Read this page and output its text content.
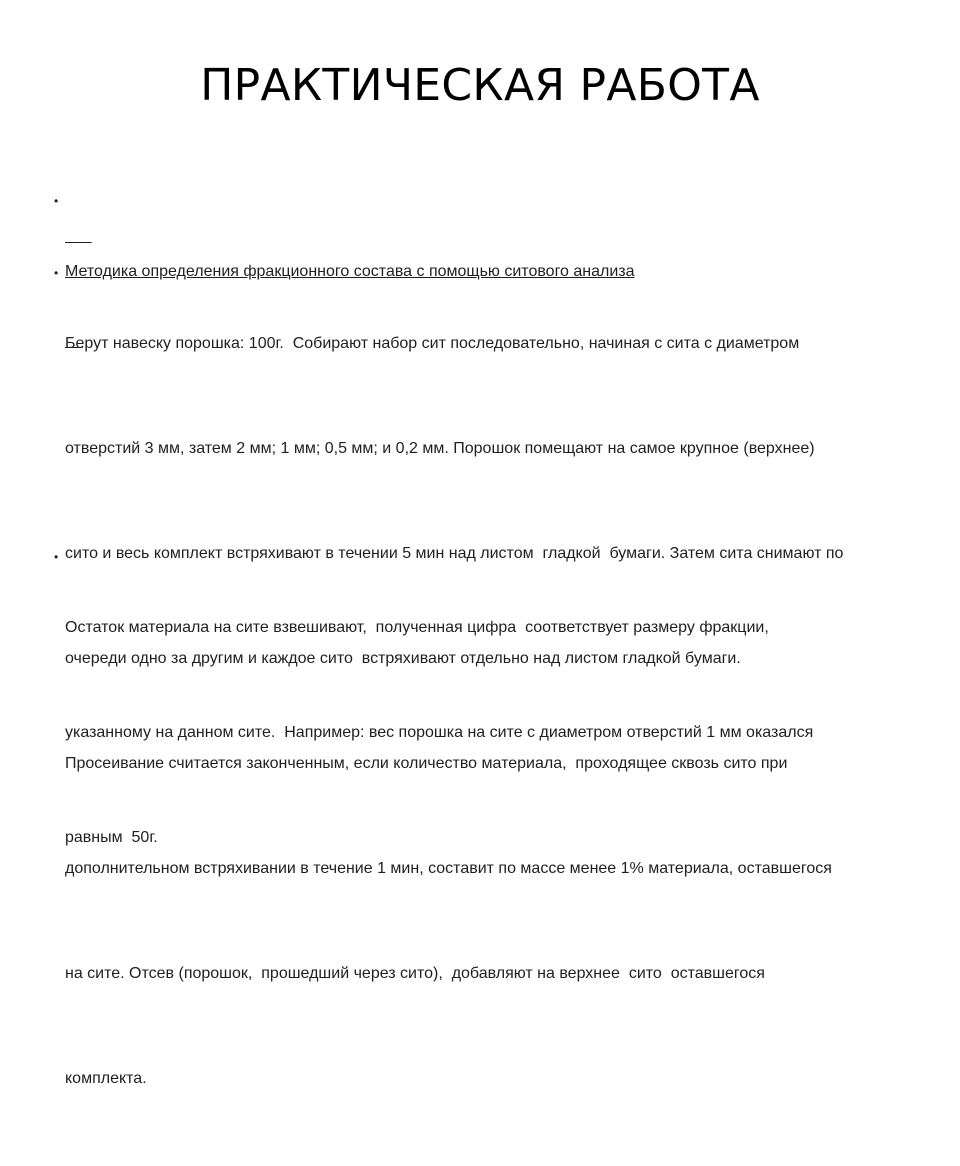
ПРАКТИЧЕСКАЯ РАБОТА
•

Методика определения фракционного состава с помощью ситового анализа

•

Берут навеску порошка: 100г.  Собирают набор сит последовательно, начиная с сита с диаметром

отверстий 3 мм, затем 2 мм; 1 мм; 0,5 мм; и 0,2 мм. Порошок помещают на самое крупное (верхнее)

сито и весь комплект встряхивают в течении 5 мин над листом  гладкой  бумаги. Затем сита снимают по

очереди одно за другим и каждое сито  встряхивают отдельно над листом гладкой бумаги.

Просеивание считается законченным, если количество материала,  проходящее сквозь сито при

дополнительном встряхивании в течение 1 мин, составит по массе менее 1% материала, оставшегося

на сите. Отсев (порошок,  прошедший через сито),  добавляют на верхнее  сито  оставшегося

комплекта.

•

Остаток материала на сите взвешивают,  полученная цифра  соответствует размеру фракции,

указанному на данном сите.  Например: вес порошка на сите с диаметром отверстий 1 мм оказался

равным  50г.
